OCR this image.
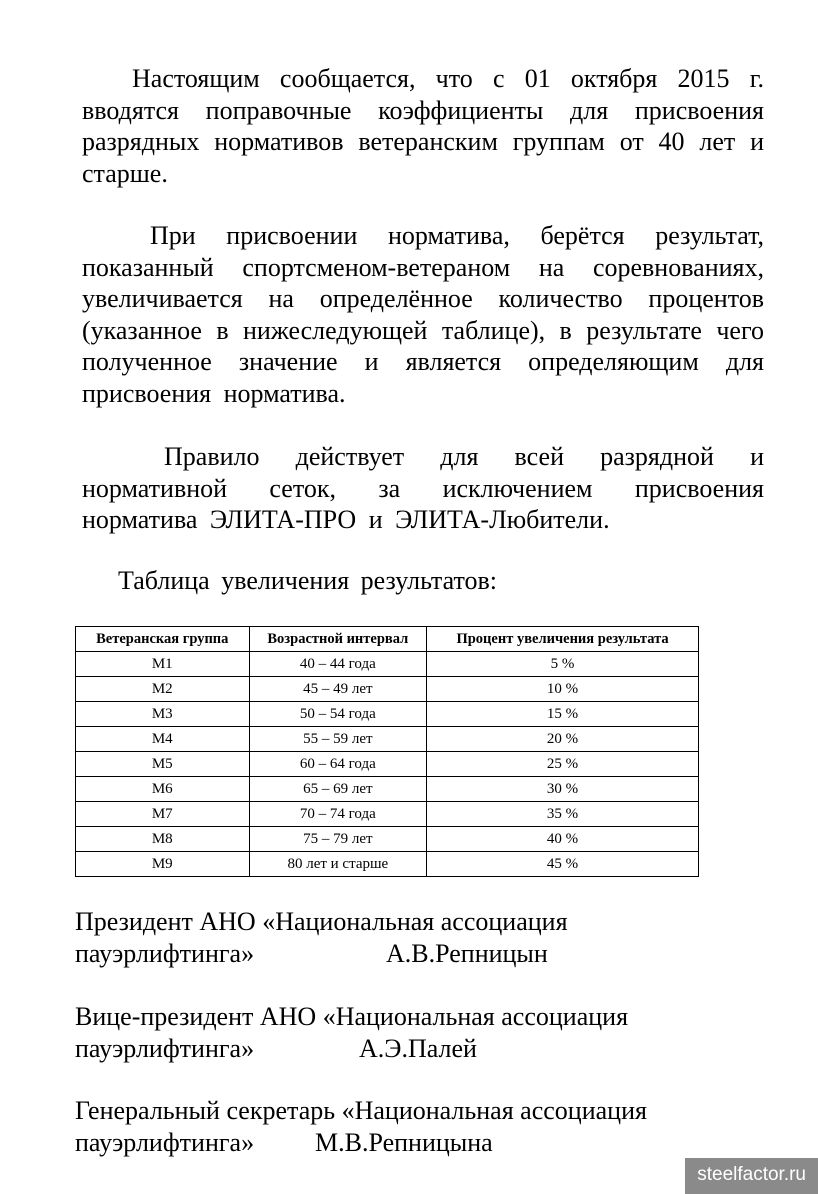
Настоящим сообщается, что с 01 октября 2015 г. вводятся поправочные коэффициенты для присвоения разрядных нормативов ветеранским группам от 40 лет и старше.
При присвоении норматива, берётся результат, показанный спортсменом-ветераном на соревнованиях, увеличивается на определённое количество процентов (указанное в нижеследующей таблице), в результате чего полученное значение и является определяющим для присвоения норматива.
Правило действует для всей разрядной и нормативной сеток, за исключением присвоения норматива ЭЛИТА-ПРО и ЭЛИТА-Любители.
Таблица увеличения результатов:
Ветеранская группа	Возрастной интервал	Процент увеличения результата
М1	40 – 44 года	5 %
М2	45 – 49 лет	10 %
М3	50 – 54 года	15 %
М4	55 – 59 лет	20 %
М5	60 – 64 года	25 %
М6	65 – 69 лет	30 %
М7	70 – 74 года	35 %
М8	75 – 79 лет	40 %
М9	80 лет и старше	45 %
Президент АНО «Национальная ассоциация
пауэрлифтинга»	А.В.Репницын
Вице-президент АНО «Национальная ассоциация
пауэрлифтинга»	А.Э.Палей
Генеральный секретарь «Национальная ассоциация
пауэрлифтинга» М.В.Репницына
steelfactor.ru
